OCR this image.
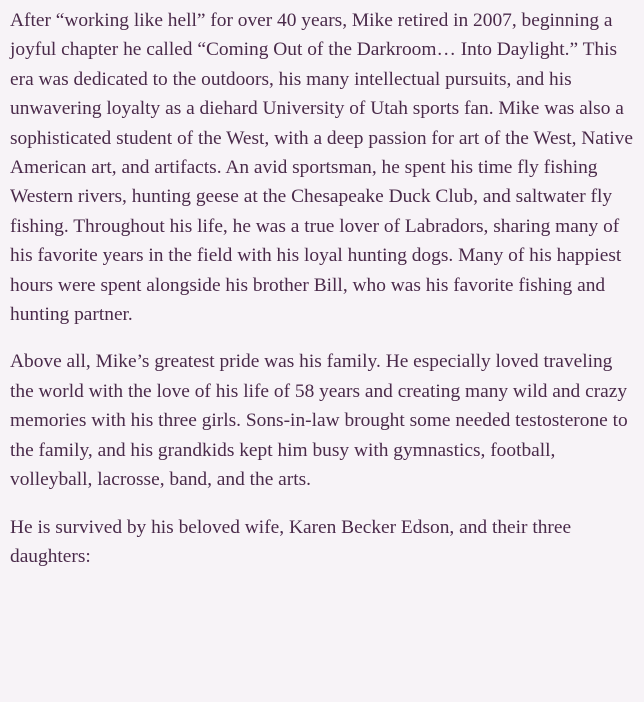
After “working like hell” for over 40 years, Mike retired in 2007, beginning a joyful chapter he called “Coming Out of the Darkroom… Into Daylight.” This era was dedicated to the outdoors, his many intellectual pursuits, and his unwavering loyalty as a diehard University of Utah sports fan. Mike was also a sophisticated student of the West, with a deep passion for art of the West, Native American art, and artifacts. An avid sportsman, he spent his time fly fishing Western rivers, hunting geese at the Chesapeake Duck Club, and saltwater fly fishing. Throughout his life, he was a true lover of Labradors, sharing many of his favorite years in the field with his loyal hunting dogs. Many of his happiest hours were spent alongside his brother Bill, who was his favorite fishing and hunting partner.

Above all, Mike’s greatest pride was his family. He especially loved traveling the world with the love of his life of 58 years and creating many wild and crazy memories with his three girls. Sons-in-law brought some needed testosterone to the family, and his grandkids kept him busy with gymnastics, football, volleyball, lacrosse, band, and the arts.

He is survived by his beloved wife, Karen Becker Edson, and their three daughters:
